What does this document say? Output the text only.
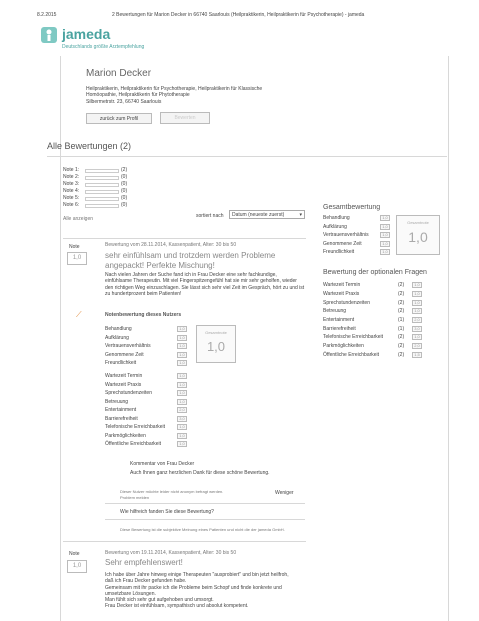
8.2.2015	2 Bewertungen für Marion Decker in 66740 Saarlouis (Heilpraktikerin, Heilpraktikerin für Psychotherapie) - jameda
jameda
Deutschlands größte Arztempfehlung
Marion Decker
Heilpraktikerin, Heilpraktikerin für Psychotherapie, Heilpraktikerin für Klassische
Homöopathie, Heilpraktikerin für Phytotherapie
Silbermetrstr. 23, 66740 Saarlouis
zurück zum Profil	Bewerten
Alle Bewertungen (2)
Note 1:	(2)
Note 2:	(0)
Note 3:	(0)
Note 4:	(0)
Note 5:	(0)
Note 6:	(0)
Alle anzeigen	sortiert nach	Datum (neueste zuerst)	▾
Gesamtbewertung
Behandlung	1,0
Aufklärung	1,0
Vertrauensverhältnis	1,0
Genommene Zeit	1,0
Freundlichkeit	1,0
Gesamtnote
1,0
Bewertung der optionalen Fragen
Wartezeit Termin	(2)	1,0
Wartezeit Praxis	(2)	1,0
Sprechstundenzeiten	(2)	1,0
Betreuung	(2)	1,0
Entertainment	(1)	2,0
Barrierefreiheit	(1)	3,0
Telefonische Erreichbarkeit	(2)	1,0
Parkmöglichkeiten	(2)	2,0
Öffentliche Erreichbarkeit	(2)	1,5
Note
1,0
Bewertung vom 28.11.2014, Kassenpatient, Alter: 30 bis 50
sehr einfühlsam und trotzdem werden Probleme angepackt! Perfekte Mischung!
Nach vielen Jahren der Suche fand ich in Frau Decker eine sehr fachkundige, einfühlsame Therapeutin. Mit viel Fingerspitzengefühl hat sie mir sehr geholfen, wieder den richtigen Weg einzuschlagen. Sie lässt sich sehr viel Zeit im Gespräch, hört zu und ist zu hundertprozent beim Patienten!
⟋	Notenbewertung dieses Nutzers
Behandlung	1,0
Aufklärung	1,0
Vertrauensverhältnis	1,0
Genommene Zeit	1,0
Freundlichkeit	1,0
Gesamtnote
1,0
Wartezeit Termin	1,0
Wartezeit Praxis	1,0
Sprechstundenzeiten	1,0
Betreuung	1,0
Entertainment	2,0
Barrierefreiheit	3,0
Telefonische Erreichbarkeit	1,0
Parkmöglichkeiten	1,0
Öffentliche Erreichbarkeit	1,0
Kommentar von Frau Decker
Auch Ihnen ganz herzlichen Dank für diese schöne Bewertung.
Dieser Nutzer möchte leider nicht anonym befragt werden.
Problem melden
Weniger
Wie hilfreich fanden Sie diese Bewertung?
Diese Bewertung ist die subjektive Meinung eines Patienten und nicht die der jameda GmbH.
Note
1,0
Bewertung vom 19.11.2014, Kassenpatient, Alter: 30 bis 50
Sehr empfehlenswert!
Ich habe über Jahre hinweg einige Therapeuten "ausprobiert" und bin jetzt heilfroh,
daß ich Frau Decker gefunden habe.
Gemeinsam mit ihr packe ich die Probleme beim Schopf und finde konkrete und
umsetzbare Lösungen.
Man fühlt sich sehr gut aufgehoben und umsorgt.
Frau Decker ist einfühlsam, sympathisch und absolut kompetent.
